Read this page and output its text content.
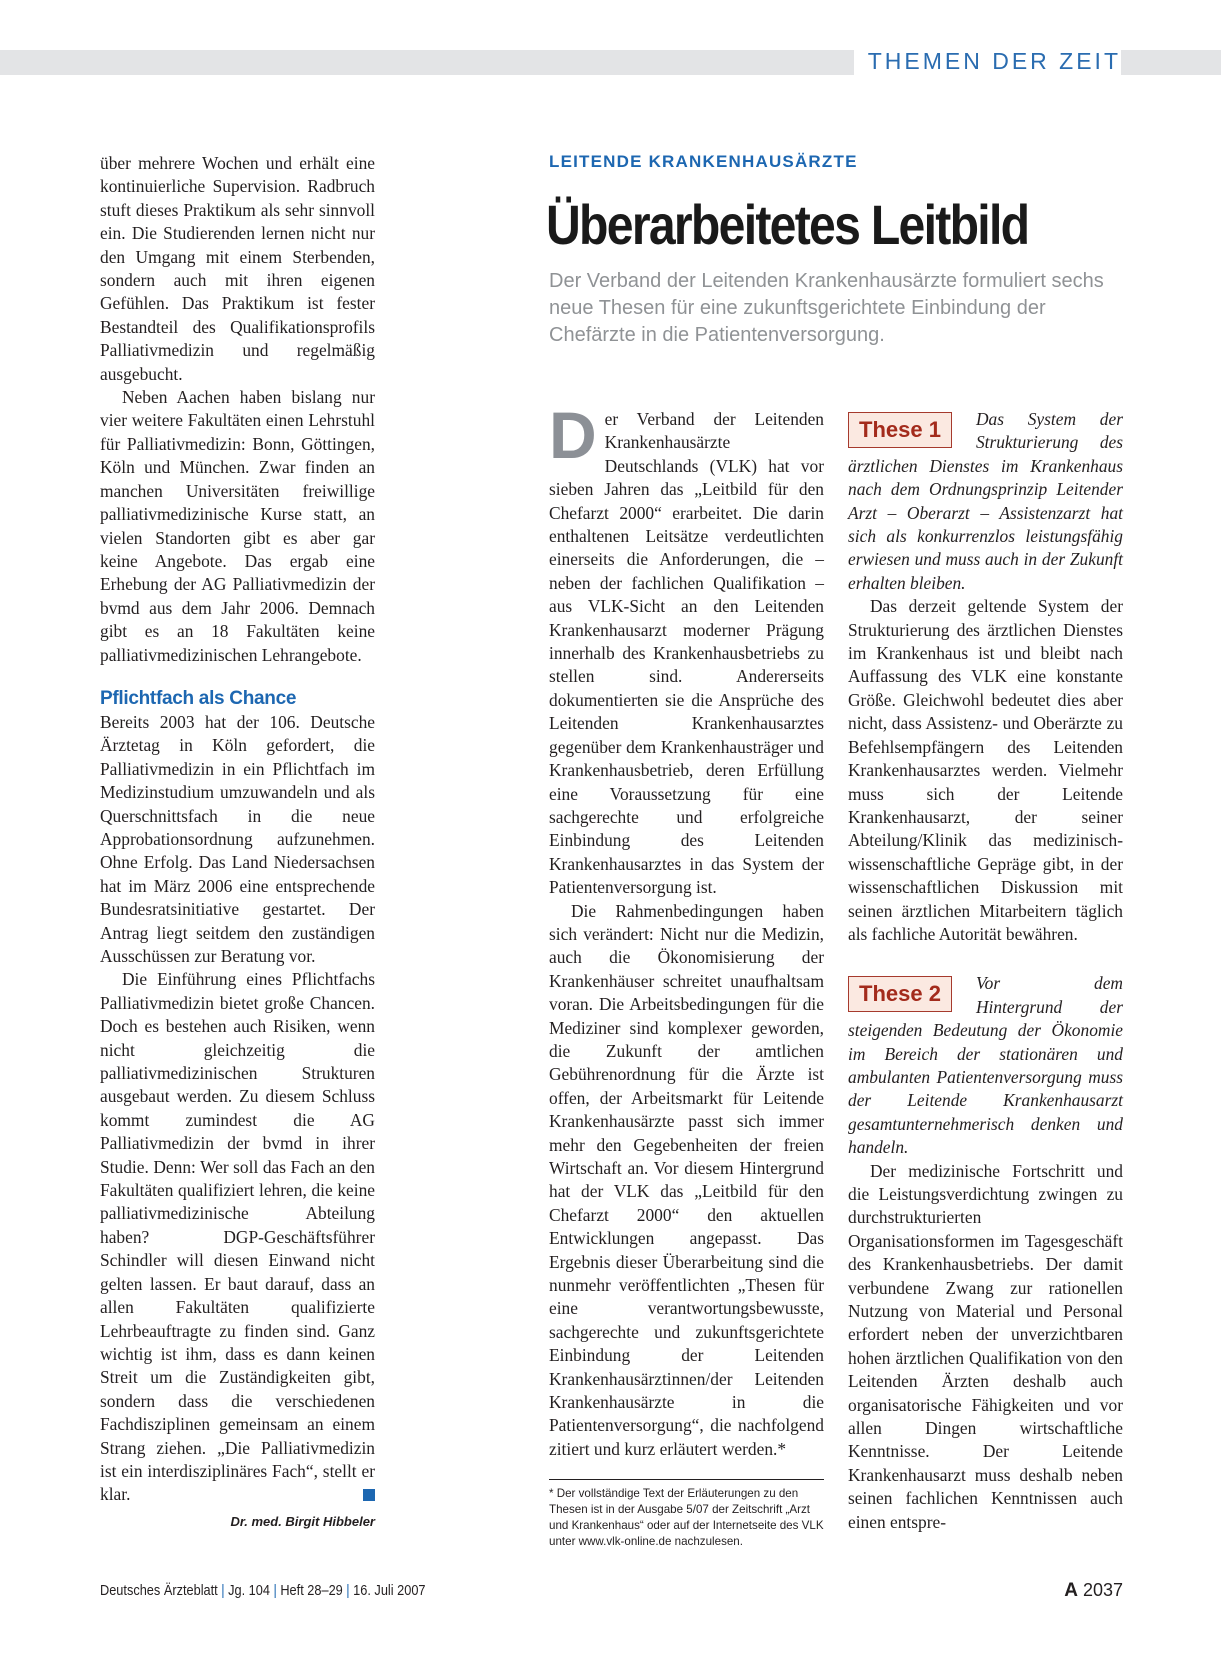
THEMEN DER ZEIT

über mehrere Wochen und erhält eine kontinuierliche Supervision. Radbruch stuft dieses Praktikum als sehr sinnvoll ein. Die Studierenden lernen nicht nur den Umgang mit einem Sterbenden, sondern auch mit ihren eigenen Gefühlen. Das Praktikum ist fester Bestandteil des Qualifikationsprofils Palliativmedizin und regelmäßig ausgebucht.

Neben Aachen haben bislang nur vier weitere Fakultäten einen Lehrstuhl für Palliativmedizin: Bonn, Göttingen, Köln und München. Zwar finden an manchen Universitäten freiwillige palliativmedizinische Kurse statt, an vielen Standorten gibt es aber gar keine Angebote. Das ergab eine Erhebung der AG Palliativmedizin der bvmd aus dem Jahr 2006. Demnach gibt es an 18 Fakultäten keine palliativmedizinischen Lehrangebote.

Pflichtfach als Chance

Bereits 2003 hat der 106. Deutsche Ärztetag in Köln gefordert, die Palliativmedizin in ein Pflichtfach im Medizinstudium umzuwandeln und als Querschnittsfach in die neue Approbationsordnung aufzunehmen. Ohne Erfolg. Das Land Niedersachsen hat im März 2006 eine entsprechende Bundesratsinitiative gestartet. Der Antrag liegt seitdem den zuständigen Ausschüssen zur Beratung vor.

Die Einführung eines Pflichtfachs Palliativmedizin bietet große Chancen. Doch es bestehen auch Risiken, wenn nicht gleichzeitig die palliativmedizinischen Strukturen ausgebaut werden. Zu diesem Schluss kommt zumindest die AG Palliativmedizin der bvmd in ihrer Studie. Denn: Wer soll das Fach an den Fakultäten qualifiziert lehren, die keine palliativmedizinische Abteilung haben? DGP-Geschäftsführer Schindler will diesen Einwand nicht gelten lassen. Er baut darauf, dass an allen Fakultäten qualifizierte Lehrbeauftragte zu finden sind. Ganz wichtig ist ihm, dass es dann keinen Streit um die Zuständigkeiten gibt, sondern dass die verschiedenen Fachdisziplinen gemeinsam an einem Strang ziehen. „Die Palliativmedizin ist ein interdisziplinäres Fach“, stellt er klar.

Dr. med. Birgit Hibbeler
LEITENDE KRANKENHAUSÄRZTE
Überarbeitetes Leitbild
Der Verband der Leitenden Krankenhausärzte formuliert sechs neue Thesen für eine zukunftsgerichtete Einbindung der Chefärzte in die Patientenversorgung.

Der Verband der Leitenden Krankenhausärzte Deutschlands (VLK) hat vor sieben Jahren das „Leitbild für den Chefarzt 2000“ erarbeitet. Die darin enthaltenen Leitsätze verdeutlichten einerseits die Anforderungen, die – neben der fachlichen Qualifikation – aus VLK-Sicht an den Leitenden Krankenhausarzt moderner Prägung innerhalb des Krankenhausbetriebs zu stellen sind. Andererseits dokumentierten sie die Ansprüche des Leitenden Krankenhausarztes gegenüber dem Krankenhausträger und Krankenhausbetrieb, deren Erfüllung eine Voraussetzung für eine sachgerechte und erfolgreiche Einbindung des Leitenden Krankenhausarztes in das System der Patientenversorgung ist.

Die Rahmenbedingungen haben sich verändert: Nicht nur die Medizin, auch die Ökonomisierung der Krankenhäuser schreitet unaufhaltsam voran. Die Arbeitsbedingungen für die Mediziner sind komplexer geworden, die Zukunft der amtlichen Gebührenordnung für die Ärzte ist offen, der Arbeitsmarkt für Leitende Krankenhausärzte passt sich immer mehr den Gegebenheiten der freien Wirtschaft an. Vor diesem Hintergrund hat der VLK das „Leitbild für den Chefarzt 2000“ den aktuellen Entwicklungen angepasst. Das Ergebnis dieser Überarbeitung sind die nunmehr veröffentlichten „Thesen für eine verantwortungsbewusste, sachgerechte und zukunftsgerichtete Einbindung der Leitenden Krankenhausärztinnen/der Leitenden Krankenhausärzte in die Patientenversorgung“, die nachfolgend zitiert und kurz erläutert werden.*

* Der vollständige Text der Erläuterungen zu den Thesen ist in der Ausgabe 5/07 der Zeitschrift „Arzt und Krankenhaus“ oder auf der Internetseite des VLK unter www.vlk-online.de nachzulesen.
These 1	Das System der Strukturierung des ärztlichen Dienstes im Krankenhaus nach dem Ordnungsprinzip Leitender Arzt – Oberarzt – Assistenzarzt hat sich als konkurrenzlos leistungsfähig erwiesen und muss auch in der Zukunft erhalten bleiben.

Das derzeit geltende System der Strukturierung des ärztlichen Dienstes im Krankenhaus ist und bleibt nach Auffassung des VLK eine konstante Größe. Gleichwohl bedeutet dies aber nicht, dass Assistenz- und Oberärzte zu Befehlsempfängern des Leitenden Krankenhausarztes werden. Vielmehr muss sich der Leitende Krankenhausarzt, der seiner Abteilung/Klinik das medizinisch-wissenschaftliche Gepräge gibt, in der wissenschaftlichen Diskussion mit seinen ärztlichen Mitarbeitern täglich als fachliche Autorität bewähren.

These 2	Vor dem Hintergrund der steigenden Bedeutung der Ökonomie im Bereich der stationären und ambulanten Patientenversorgung muss der Leitende Krankenhausarzt gesamtunternehmerisch denken und handeln.

Der medizinische Fortschritt und die Leistungsverdichtung zwingen zu durchstrukturierten Organisationsformen im Tagesgeschäft des Krankenhausbetriebs. Der damit verbundene Zwang zur rationellen Nutzung von Material und Personal erfordert neben der unverzichtbaren hohen ärztlichen Qualifikation von den Leitenden Ärzten deshalb auch organisatorische Fähigkeiten und vor allen Dingen wirtschaftliche Kenntnisse. Der Leitende Krankenhausarzt muss deshalb neben seinen fachlichen Kenntnissen auch einen entspre-

Deutsches Ärzteblatt | Jg. 104 | Heft 28–29 | 16. Juli 2007	A 2037
